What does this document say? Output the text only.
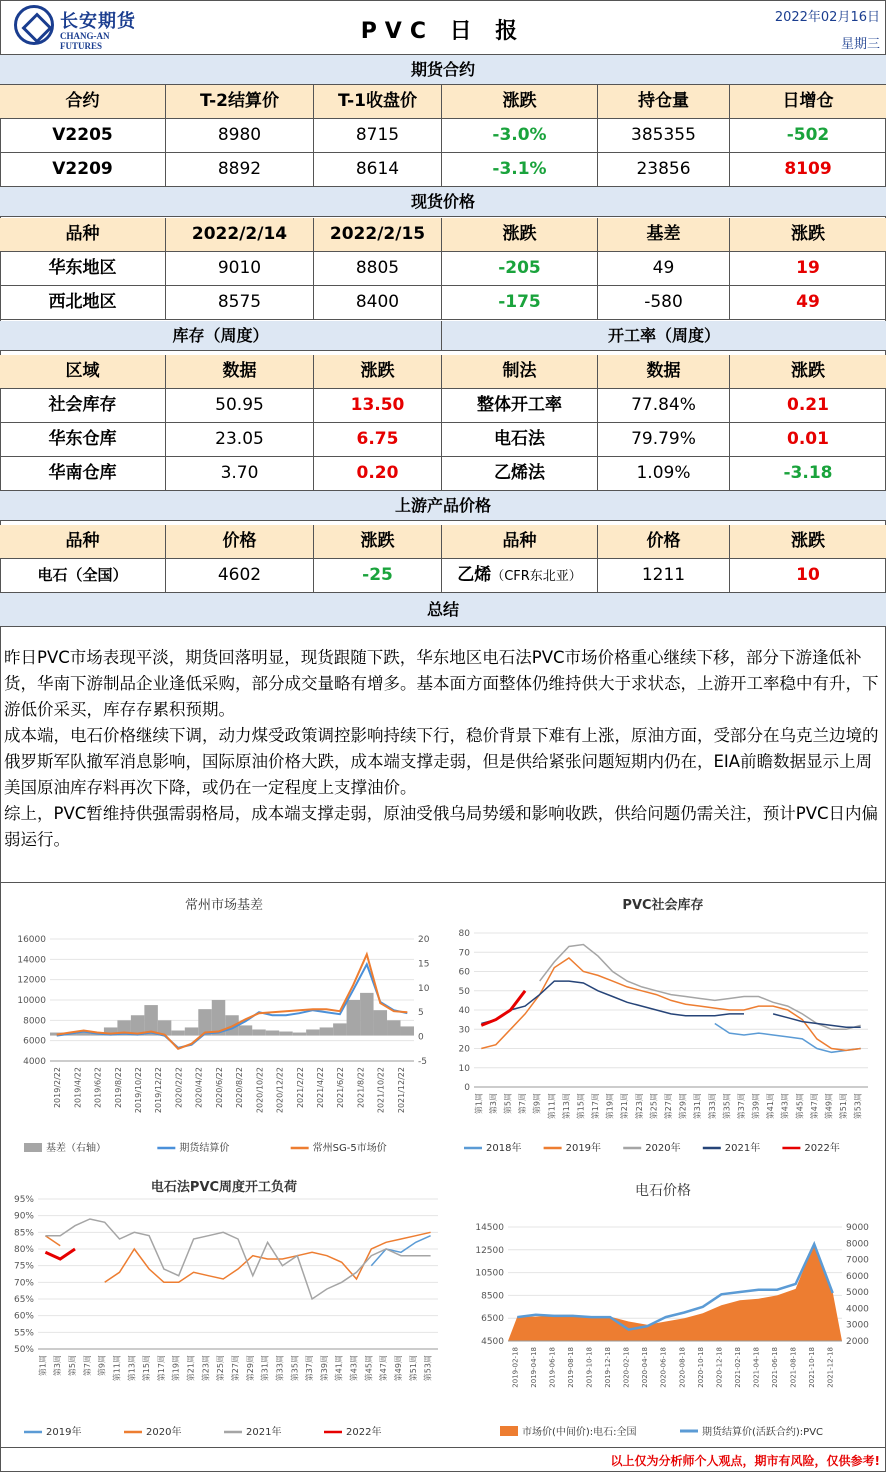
长安期货
CHANG-AN FUTURES
PVC 日 报
2022年02月16日
星期三
期货合约
合约	T-2结算价	T-1收盘价	涨跌	持仓量	日增仓
V2205	8980	8715	-3.0%	385355	-502
V2209	8892	8614	-3.1%	23856	8109
现货价格
品种	2022/2/14	2022/2/15	涨跌	基差	涨跌
华东地区	9010	8805	-205	49	19
西北地区	8575	8400	-175	-580	49
库存（周度）	开工率（周度）
区域	数据	涨跌	制法	数据	涨跌
社会库存	50.95	13.50	整体开工率	77.84%	0.21
华东仓库	23.05	6.75	电石法	79.79%	0.01
华南仓库	3.70	0.20	乙烯法	1.09%	-3.18
上游产品价格
品种	价格	涨跌	品种	价格	涨跌
电石（全国）	4602	-25	乙烯（CFR东北亚）	1211	10
总结

昨日PVC市场表现平淡，期货回落明显，现货跟随下跌，华东地区电石法PVC市场价格重心继续下移，部分下游逢低补货，华南下游制品企业逢低采购，部分成交量略有增多。基本面方面整体仍维持供大于求状态，上游开工率稳中有升，下游低价采买，库存存累积预期。

成本端，电石价格继续下调，动力煤受政策调控影响持续下行，稳价背景下难有上涨，原油方面，受部分在乌克兰边境的俄罗斯军队撤军消息影响，国际原油价格大跌，成本端支撑走弱，但是供给紧张问题短期内仍在，EIA前瞻数据显示上周美国原油库存料再次下降，或仍在一定程度上支撑油价。

综上，PVC暂维持供强需弱格局，成本端支撑走弱，原油受俄乌局势缓和影响收跌，供给问题仍需关注，预计PVC日内偏弱运行。

常州市场基差
4000
6000
8000
10000
12000
14000
16000
-5
0
5
10
15
20
2019/2/22 2019/4/22 2019/6/22 2019/8/22 2019/10/22 2019/12/22 2020/2/22 2020/4/22 2020/6/22 2020/8/22 2020/10/22 2020/12/22 2021/2/22 2021/4/22 2021/6/22 2021/8/22 2021/10/22 2021/12/22
基差（右轴）	期货结算价	常州SG-5市场价
PVC社会库存
0
10
20
30
40
50
60
70
80
第1周 第3周 第5周 第7周 第9周 第11周 第13周 第15周 第17周 第19周 第21周 第23周 第25周 第27周 第29周 第31周 第33周 第35周 第37周 第39周 第41周 第43周 第45周 第47周 第49周 第51周 第53周
2018年	2019年	2020年	2021年	2022年
电石法PVC周度开工负荷
50%
55%
60%
65%
70%
75%
80%
85%
90%
95%
第1周 第3周 第5周 第7周 第9周 第11周 第13周 第15周 第17周 第19周 第21周 第23周 第25周 第27周 第29周 第31周 第33周 第35周 第37周 第39周 第41周 第43周 第45周 第47周 第49周 第51周 第53周
2019年	2020年	2021年	2022年
电石价格
4500
6500
8500
10500
12500
14500
2000
3000
4000
5000
6000
7000
8000
9000
2019-02-18 2019-04-18 2019-06-18 2019-08-18 2019-10-18 2019-12-18 2020-02-18 2020-04-18 2020-06-18 2020-08-18 2020-10-18 2020-12-18 2021-02-18 2021-04-18 2021-06-18 2021-08-18 2021-10-18 2021-12-18
市场价(中间价):电石:全国	期货结算价(活跃合约):PVC
以上仅为分析师个人观点，期市有风险，仅供参考!
